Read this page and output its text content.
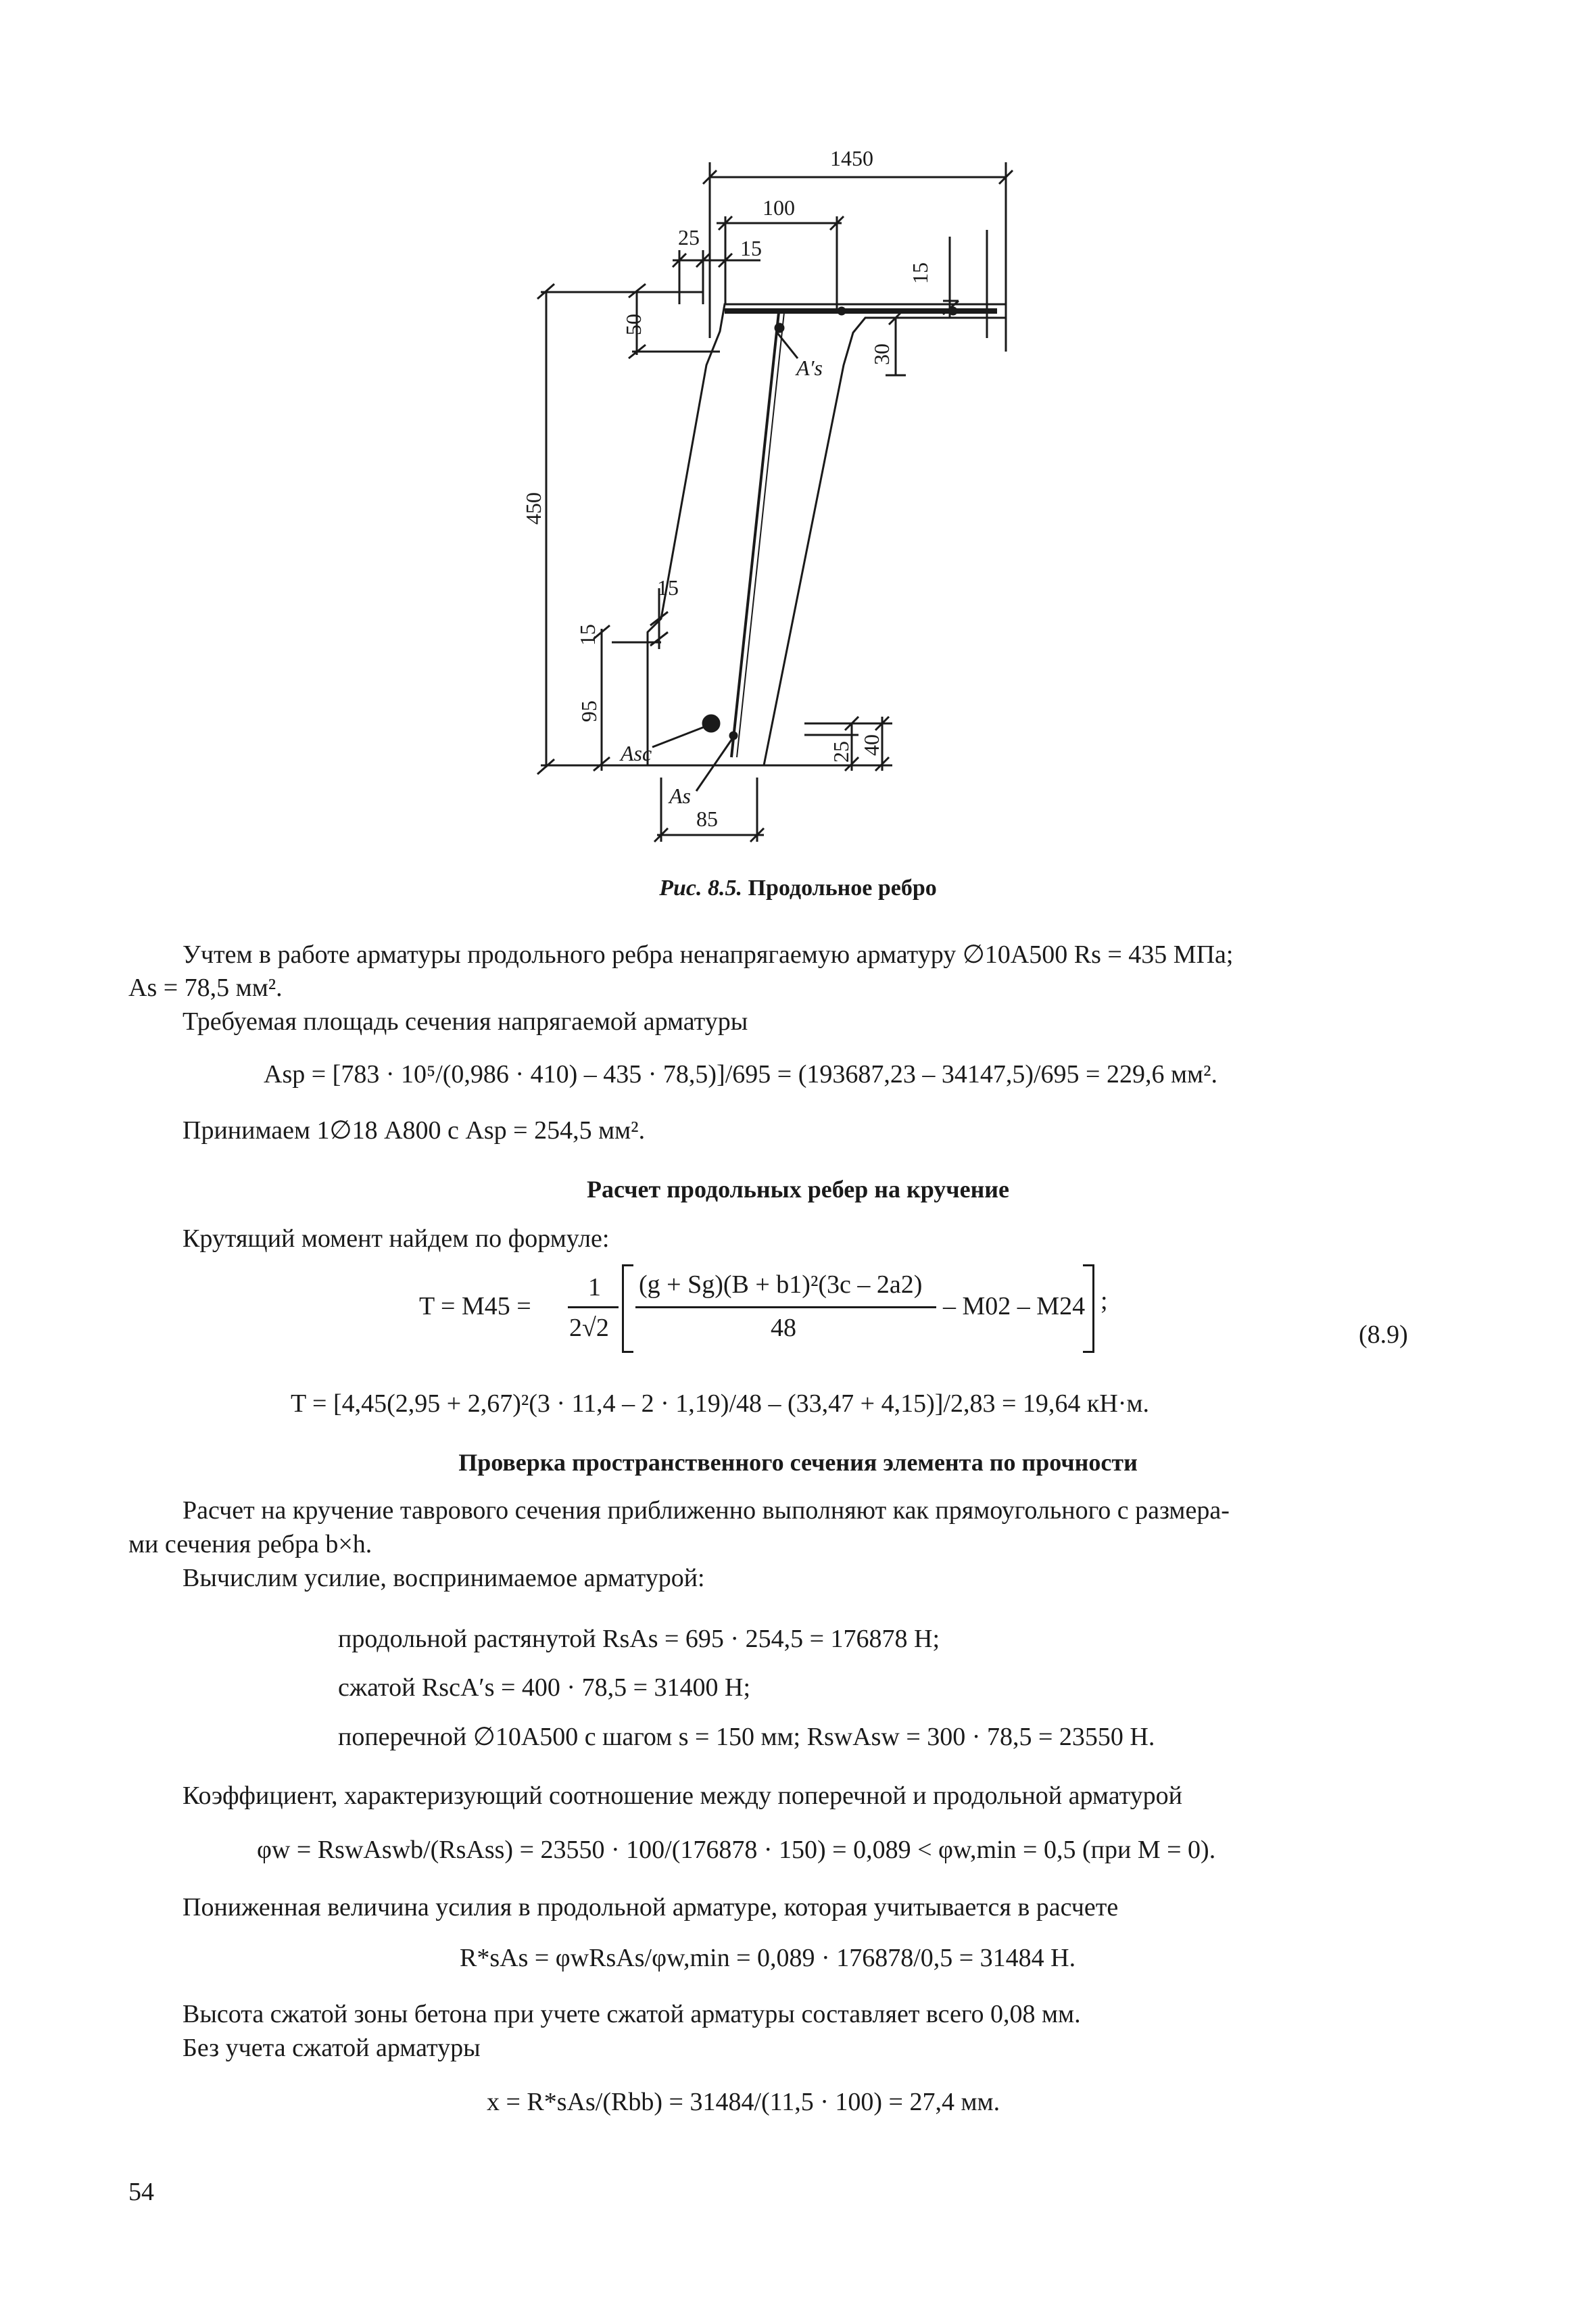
1450
100
25 15
15
50
30
450
15
15
95
25 40
85
A′s
Asc
As
Рис. 8.5. Продольное ребро
Учтем в работе арматуры продольного ребра ненапрягаемую арматуру ∅10А500 Rs = 435 МПа;
As = 78,5 мм².
Требуемая площадь сечения напрягаемой арматуры
Asp = [783 · 10⁵/(0,986 · 410) – 435 · 78,5)]/695 = (193687,23 – 34147,5)/695 = 229,6 мм².
Принимаем 1∅18 А800 с Asp = 254,5 мм².
Расчет продольных ребер на кручение
Крутящий момент найдем по формуле:
T = M45 =
1
2√2
(g + Sg)(B + b1)²(3c – 2a2)
48
– M02 – M24 ;
(8.9)
T = [4,45(2,95 + 2,67)²(3 · 11,4 – 2 · 1,19)/48 – (33,47 + 4,15)]/2,83 = 19,64 кН·м.
Проверка пространственного сечения элемента по прочности
Расчет на кручение таврового сечения приближенно выполняют как прямоугольного с размера-
ми сечения ребра b×h.
Вычислим усилие, воспринимаемое арматурой:
продольной растянутой RsAs = 695 · 254,5 = 176878 Н;
сжатой RscA′s = 400 · 78,5 = 31400 Н;
поперечной ∅10А500 с шагом s = 150 мм; RswAsw = 300 · 78,5 = 23550 Н.
Коэффициент, характеризующий соотношение между поперечной и продольной арматурой
φw = RswAswb/(RsAss) = 23550 · 100/(176878 · 150) = 0,089 < φw,min = 0,5 (при M = 0).
Пониженная величина усилия в продольной арматуре, которая учитывается в расчете
R*sAs = φwRsAs/φw,min = 0,089 · 176878/0,5 = 31484 Н.
Высота сжатой зоны бетона при учете сжатой арматуры составляет всего 0,08 мм.
Без учета сжатой арматуры
x = R*sAs/(Rbb) = 31484/(11,5 · 100) = 27,4 мм.
54
